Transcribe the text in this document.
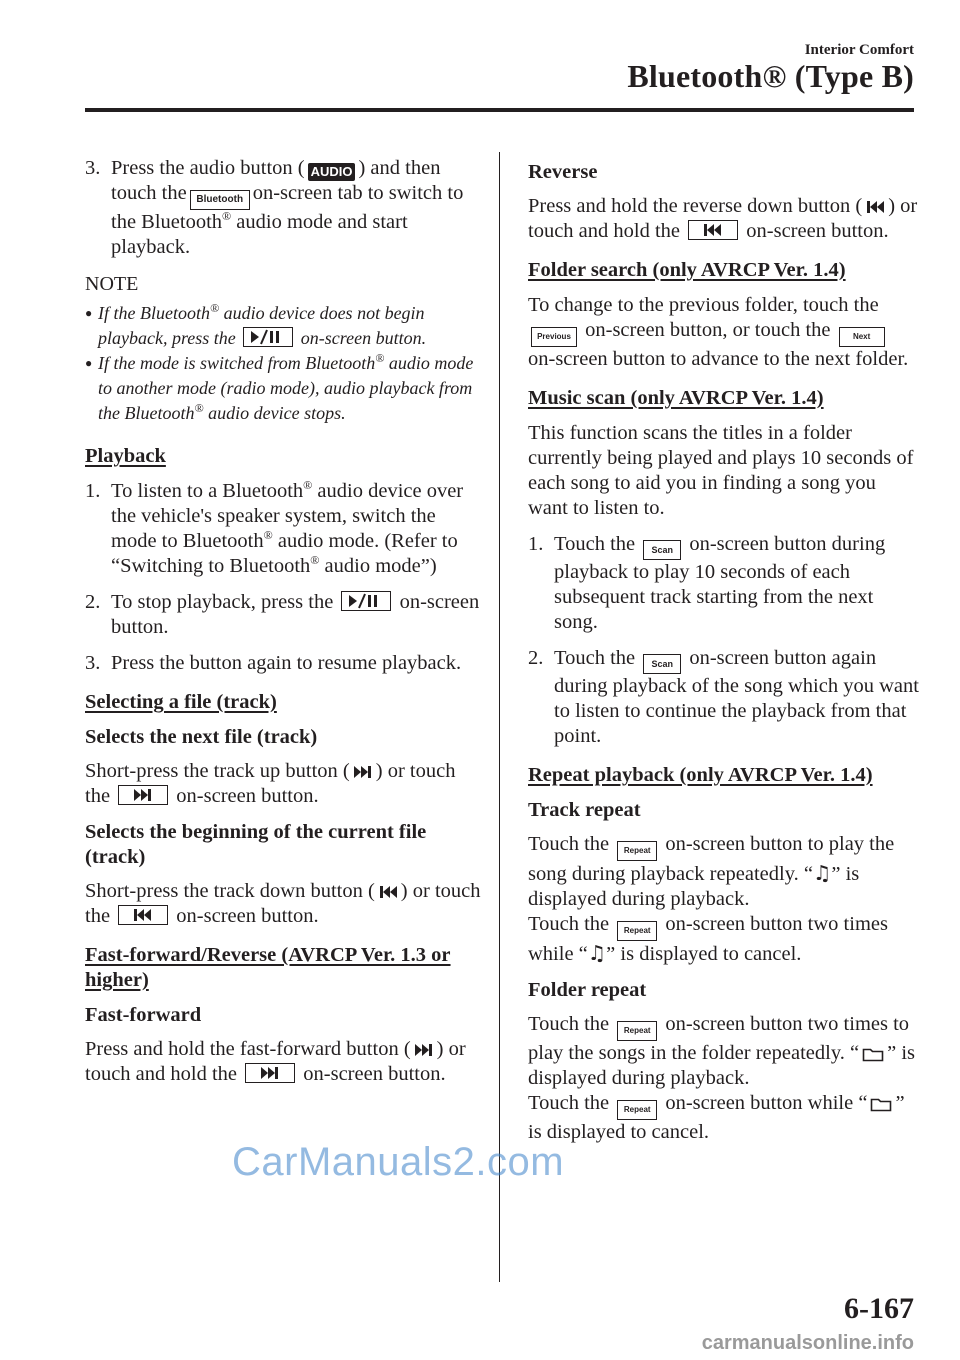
Interior Comfort
Bluetooth® (Type B)
3. Press the audio button ( AUDIO ) and then touch the Bluetooth on-screen tab to switch to the Bluetooth® audio mode and start playback.
NOTE
● If the Bluetooth® audio device does not begin playback, press the	on-screen button.
● If the mode is switched from Bluetooth® audio mode to another mode (radio mode), audio playback from the Bluetooth® audio device stops.
Playback
1. To listen to a Bluetooth® audio device over the vehicle's speaker system, switch the mode to Bluetooth® audio mode. (Refer to “Switching to Bluetooth® audio mode”)
2. To stop playback, press the	on-screen button.
3. Press the button again to resume playback.
Selecting a file (track)
Selects the next file (track)
Short-press the track up button ( ) or touch the	on-screen button.
Selects the beginning of the current file (track)
Short-press the track down button ( ) or touch the	on-screen button.
Fast-forward/Reverse (AVRCP Ver. 1.3 or higher)
Fast-forward
Press and hold the fast-forward button ( ) or touch and hold the	on-screen button.
Reverse
Press and hold the reverse down button ( ) or touch and hold the	on-screen button.
Folder search (only AVRCP Ver. 1.4)
To change to the previous folder, touch the Previous on-screen button, or touch the	Next on-screen button to advance to the next folder.
Music scan (only AVRCP Ver. 1.4)
This function scans the titles in a folder currently being played and plays 10 seconds of each song to aid you in finding a song you want to listen to.
1. Touch the Scan on-screen button during playback to play 10 seconds of each subsequent track starting from the next song.
2. Touch the Scan on-screen button again during playback of the song which you want to listen to continue the playback from that point.
Repeat playback (only AVRCP Ver. 1.4)
Track repeat
Touch the Repeat on-screen button to play the song during playback repeatedly. “♫” is displayed during playback.
Touch the Repeat on-screen button two times while “♫” is displayed to cancel.
Folder repeat
Touch the Repeat on-screen button two times to play the songs in the folder repeatedly. “ ” is displayed during playback.
Touch the Repeat on-screen button while “ ” is displayed to cancel.
CarManuals2.com
6-167
carmanualsonline.info
